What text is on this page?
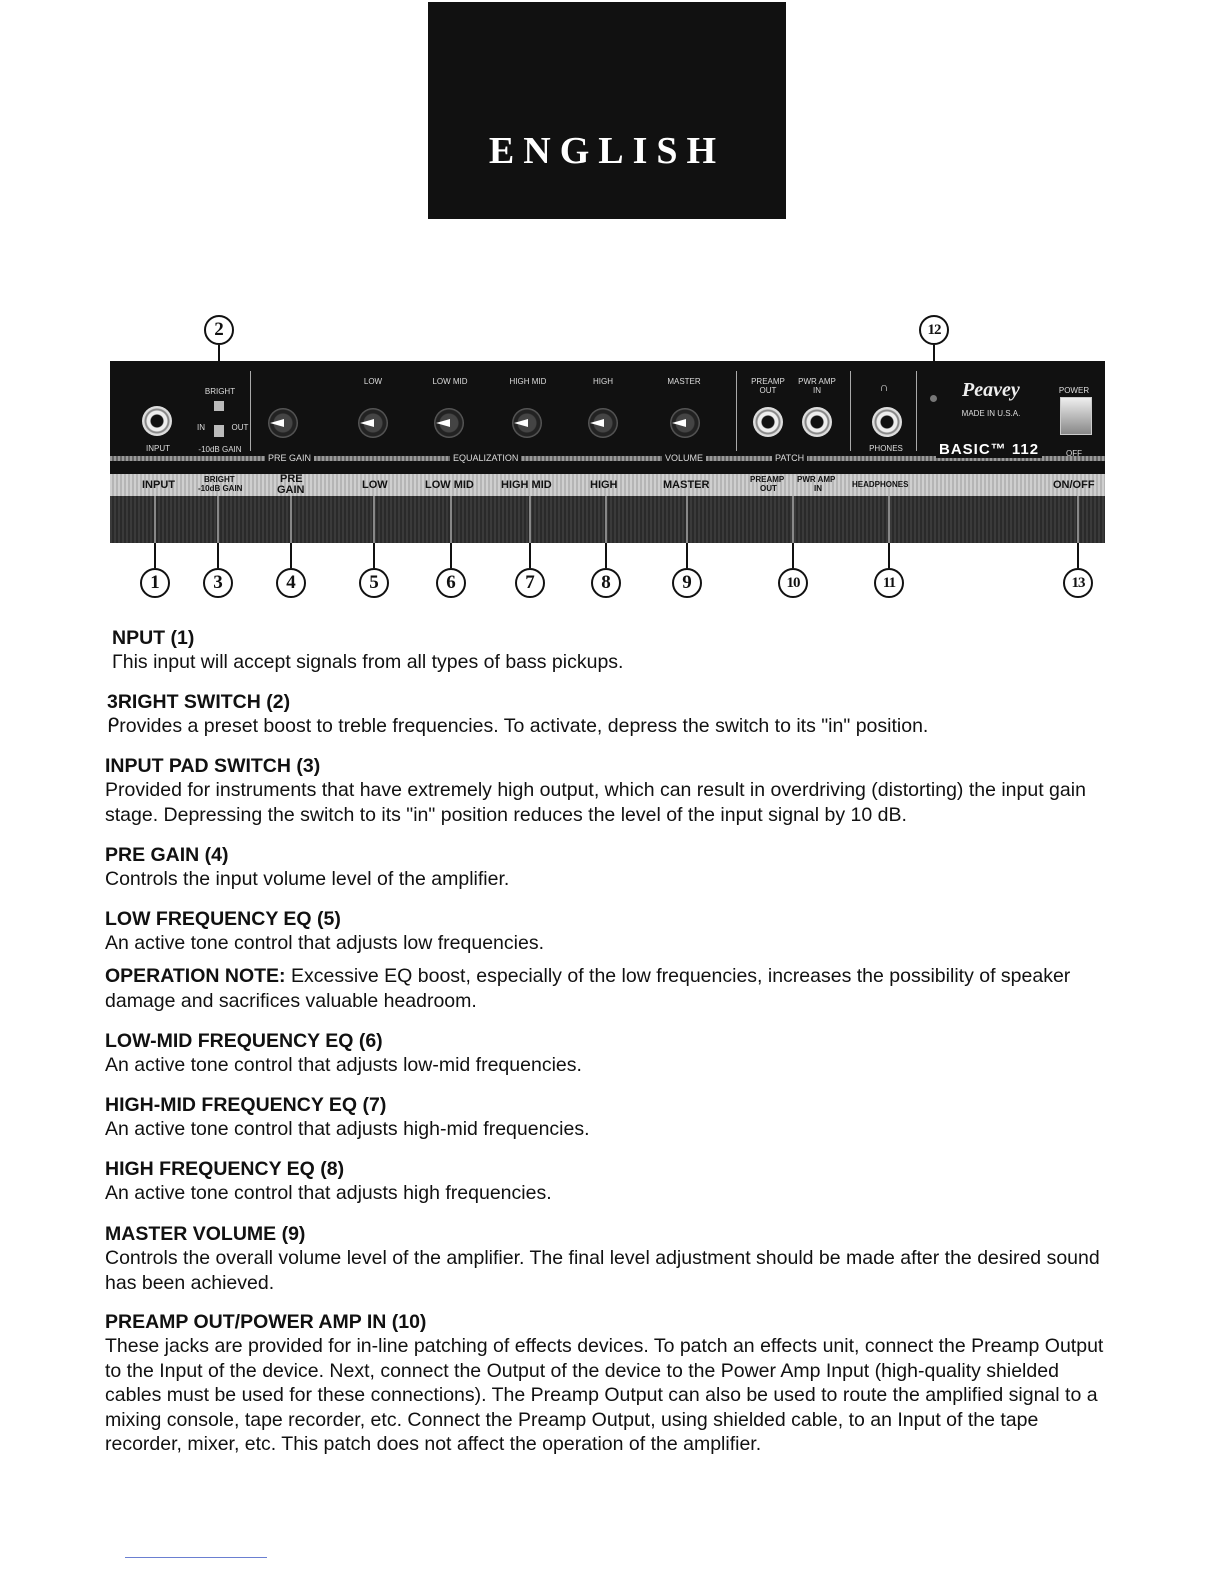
ENGLISH
2	12
INPUT
BRIGHT
IN	OUT
-10dB GAIN
LOW	LOW MID	HIGH MID	HIGH	MASTER	PREAMP OUT
PWR AMP IN	∩
PHONES
Peavey
MADE IN U.S.A.
BASIC™ 112
POWER
OFF
PRE GAIN	EQUALIZATION	VOLUME	PATCH
INPUT	BRIGHT
-10dB GAIN
PRE
GAIN	LOW	LOW MID HIGH MID	HIGH	MASTER	PREAMP
OUT
PWR AMP
IN	HEADPHONES	ON/OFF
1	3	4	5	6	7	8	9	10	11	13
NPUT (1)

Γhis input will accept signals from all types of bass pickups.

3RIGHT SWITCH (2)

ᑭrovides a preset boost to treble frequencies. To activate, depress the switch to its "in" position.

INPUT PAD SWITCH (3)

Provided for instruments that have extremely high output, which can result in overdriving (distorting) the input gain stage. Depressing the switch to its "in" position reduces the level of the input signal by 10 dB.

PRE GAIN (4)

Controls the input volume level of the amplifier.

LOW FREQUENCY EQ (5)

An active tone control that adjusts low frequencies.

OPERATION NOTE: Excessive EQ boost, especially of the low frequencies, increases the possibility of speaker damage and sacrifices valuable headroom.

LOW-MID FREQUENCY EQ (6)

An active tone control that adjusts low-mid frequencies.

HIGH-MID FREQUENCY EQ (7)

An active tone control that adjusts high-mid frequencies.

HIGH FREQUENCY EQ (8)

An active tone control that adjusts high frequencies.

MASTER VOLUME (9)

Controls the overall volume level of the amplifier. The final level adjustment should be made after the desired sound has been achieved.

PREAMP OUT/POWER AMP IN (10)

These jacks are provided for in-line patching of effects devices. To patch an effects unit, connect the Preamp Output to the Input of the device. Next, connect the Output of the device to the Power Amp Input (high-quality shielded cables must be used for these connections). The Preamp Output can also be used to route the amplified signal to a mixing console, tape recorder, etc. Connect the Preamp Output, using shielded cable, to an Input of the tape recorder, mixer, etc. This patch does not affect the operation of the amplifier.
